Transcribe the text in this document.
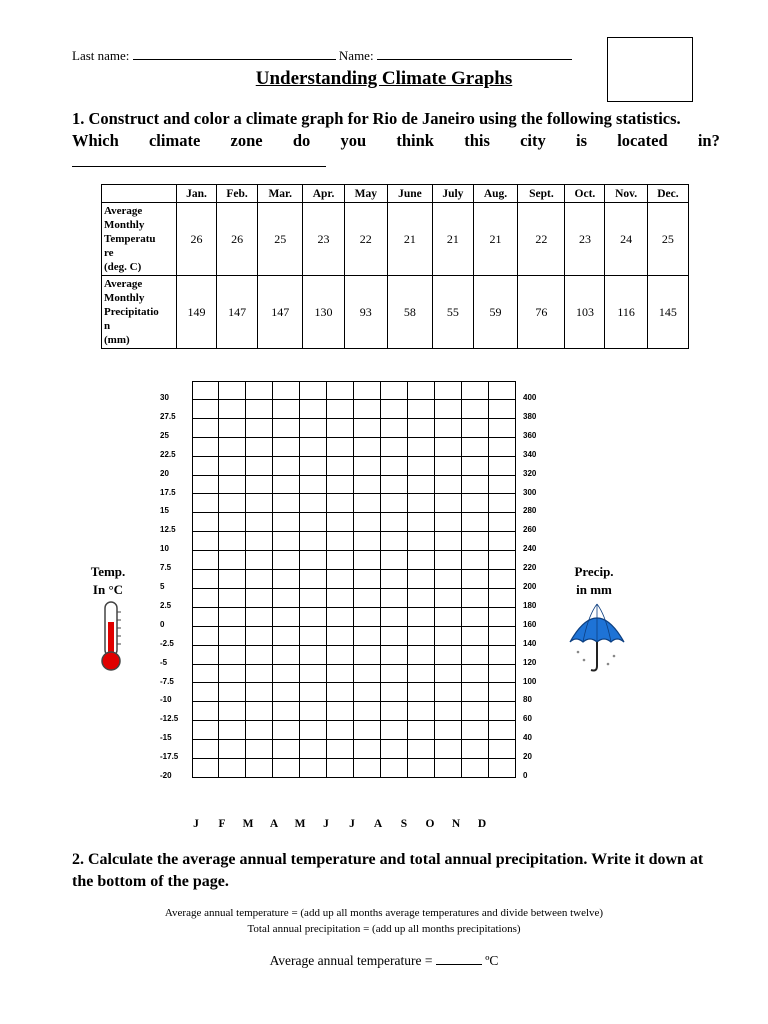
Last name:	Name:
Understanding Climate Graphs
1. Construct and color a climate graph for Rio de Janeiro using the following statistics.
Which climate zone do you think this city is located in?
	Jan.	Feb.	Mar.	Apr.	May	June	July	Aug.	Sept.	Oct.	Nov.	Dec.

Average
Monthly
Temperatu
re
(deg. C)	26	26	25	23	22	21	21	21	22	23	24	25

Average
Monthly
Precipitatio
n
(mm)	149	147	147	130	93	58	55	59	76	103	116	145
30
27.5
25
22.5
20
17.5
15
12.5
10
7.5
5
2.5
0
-2.5
-5
-7.5
-10
-12.5
-15
-17.5
-20
400
380
360
340
320
300
280
260
240
220
200
180
160
140
120
100
80
60
40
20
0
J	F	M	A	M	J	J	A	S	O	N	D
Temp.
In °C
Precip.
in mm
2. Calculate the average annual temperature and total annual precipitation. Write it down at the bottom of the page.
Average annual temperature = (add up all months average temperatures and divide between twelve)
Total annual precipitation = (add up all months precipitations)
Average annual temperature =	ºC
